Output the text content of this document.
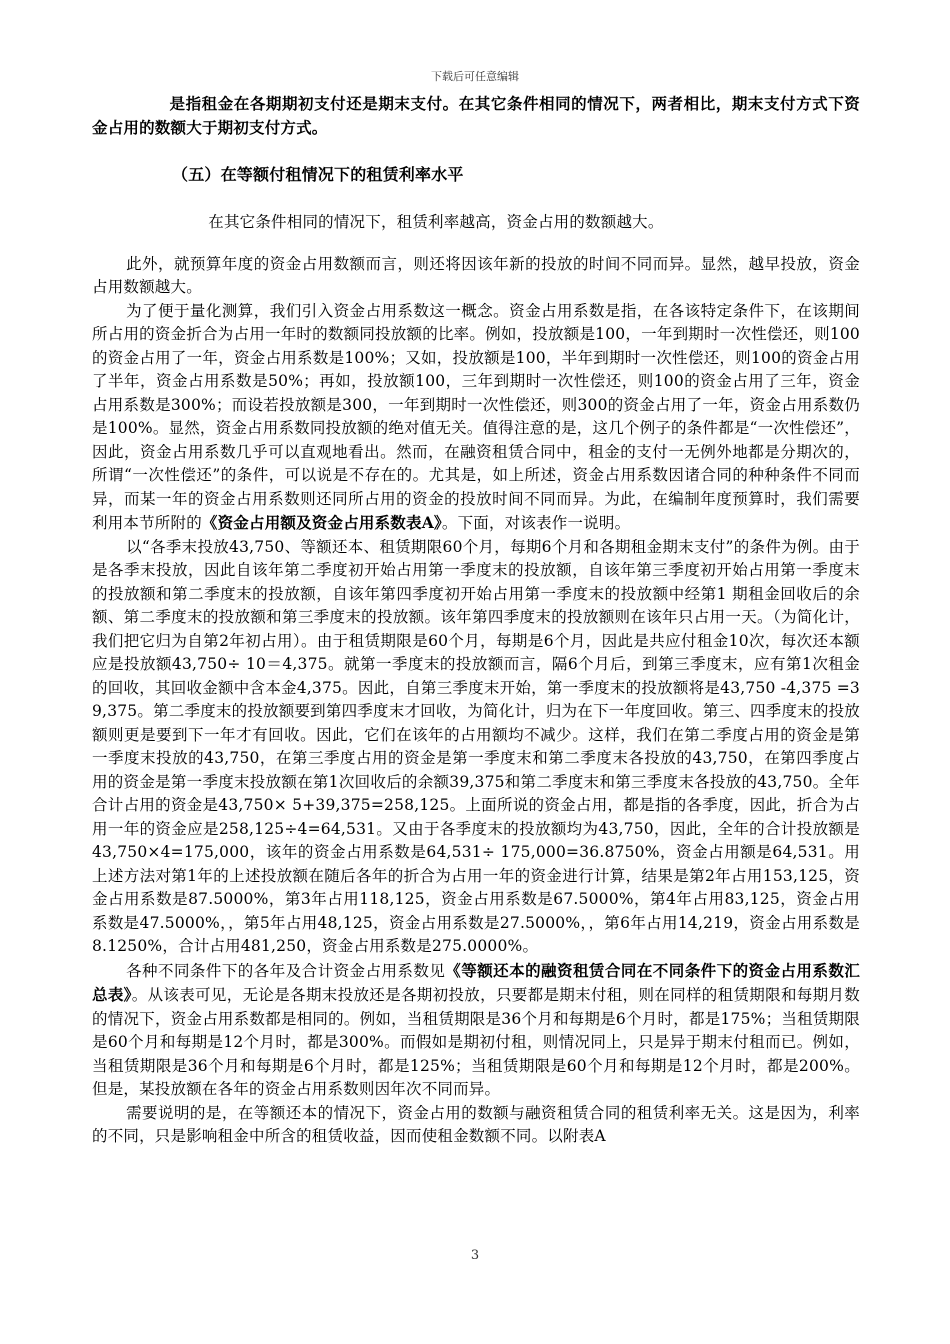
下载后可任意编辑

是指租金在各期期初支付还是期末支付。在其它条件相同的情况下，两者相比，期末支付方式下资金占用的数额大于期初支付方式。

（五）在等额付租情况下的租赁利率水平

在其它条件相同的情况下，租赁利率越高，资金占用的数额越大。

此外，就预算年度的资金占用数额而言，则还将因该年新的投放的时间不同而异。显然，越早投放，资金占用数额越大。

为了便于量化测算，我们引入资金占用系数这一概念。资金占用系数是指，在各该特定条件下，在该期间所占用的资金折合为占用一年时的数额同投放额的比率。例如，投放额是100，一年到期时一次性偿还，则100的资金占用了一年，资金占用系数是100%；又如，投放额是100，半年到期时一次性偿还，则100的资金占用了半年，资金占用系数是50%；再如，投放额100，三年到期时一次性偿还，则100的资金占用了三年，资金占用系数是300%；而设若投放额是300，一年到期时一次性偿还，则300的资金占用了一年，资金占用系数仍是100%。显然，资金占用系数同投放额的绝对值无关。值得注意的是，这几个例子的条件都是“一次性偿还”，因此，资金占用系数几乎可以直观地看出。然而，在融资租赁合同中，租金的支付一无例外地都是分期次的，所谓“一次性偿还”的条件，可以说是不存在的。尤其是，如上所述，资金占用系数因诸合同的种种条件不同而异，而某一年的资金占用系数则还同所占用的资金的投放时间不同而异。为此，在编制年度预算时，我们需要利用本节所附的《资金占用额及资金占用系数表A》。下面，对该表作一说明。

以“各季末投放43,750、等额还本、租赁期限60个月，每期6个月和各期租金期末支付”的条件为例。由于是各季末投放，因此自该年第二季度初开始占用第一季度末的投放额，自该年第三季度初开始占用第一季度末的投放额和第二季度末的投放额，自该年第四季度初开始占用第一季度末的投放额中经第1 期租金回收后的余额、第二季度末的投放额和第三季度末的投放额。该年第四季度末的投放额则在该年只占用一天。（为简化计，我们把它归为自第2年初占用）。由于租赁期限是60个月，每期是6个月，因此是共应付租金10次，每次还本额应是投放额43,750÷ 10＝4,375。就第一季度末的投放额而言，隔6个月后，到第三季度末，应有第1次租金的回收，其回收金额中含本金4,375。因此，自第三季度末开始，第一季度末的投放额将是43,750 -4,375 =39,375。第二季度末的投放额要到第四季度末才回收，为简化计，归为在下一年度回收。第三、四季度末的投放额则更是要到下一年才有回收。因此，它们在该年的占用额均不减少。这样，我们在第二季度占用的资金是第一季度末投放的43,750，在第三季度占用的资金是第一季度末和第二季度末各投放的43,750，在第四季度占用的资金是第一季度末投放额在第1次回收后的余额39,375和第二季度末和第三季度末各投放的43,750。全年合计占用的资金是43,750× 5+39,375=258,125。上面所说的资金占用，都是指的各季度，因此，折合为占用一年的资金应是258,125÷4=64,531。又由于各季度末的投放额均为43,750，因此，全年的合计投放额是43,750×4=175,000，该年的资金占用系数是64,531÷ 175,000=36.8750%，资金占用额是64,531。用上述方法对第1年的上述投放额在随后各年的折合为占用一年的资金进行计算，结果是第2年占用153,125，资金占用系数是87.5000%，第3年占用118,125，资金占用系数是67.5000%，第4年占用83,125，资金占用系数是47.5000%，，第5年占用48,125，资金占用系数是27.5000%，，第6年占用14,219，资金占用系数是8.1250%，合计占用481,250，资金占用系数是275.0000%。

各种不同条件下的各年及合计资金占用系数见《等额还本的融资租赁合同在不同条件下的资金占用系数汇总表》。从该表可见，无论是各期末投放还是各期初投放，只要都是期末付租，则在同样的租赁期限和每期月数的情况下，资金占用系数都是相同的。例如，当租赁期限是36个月和每期是6个月时，都是175%；当租赁期限是60个月和每期是12个月时，都是300%。而假如是期初付租，则情况同上，只是异于期末付租而已。例如，当租赁期限是36个月和每期是6个月时，都是125%；当租赁期限是60个月和每期是12个月时，都是200%。但是，某投放额在各年的资金占用系数则因年次不同而异。

需要说明的是，在等额还本的情况下，资金占用的数额与融资租赁合同的租赁利率无关。这是因为，利率的不同，只是影响租金中所含的租赁收益，因而使租金数额不同。以附表A

3
